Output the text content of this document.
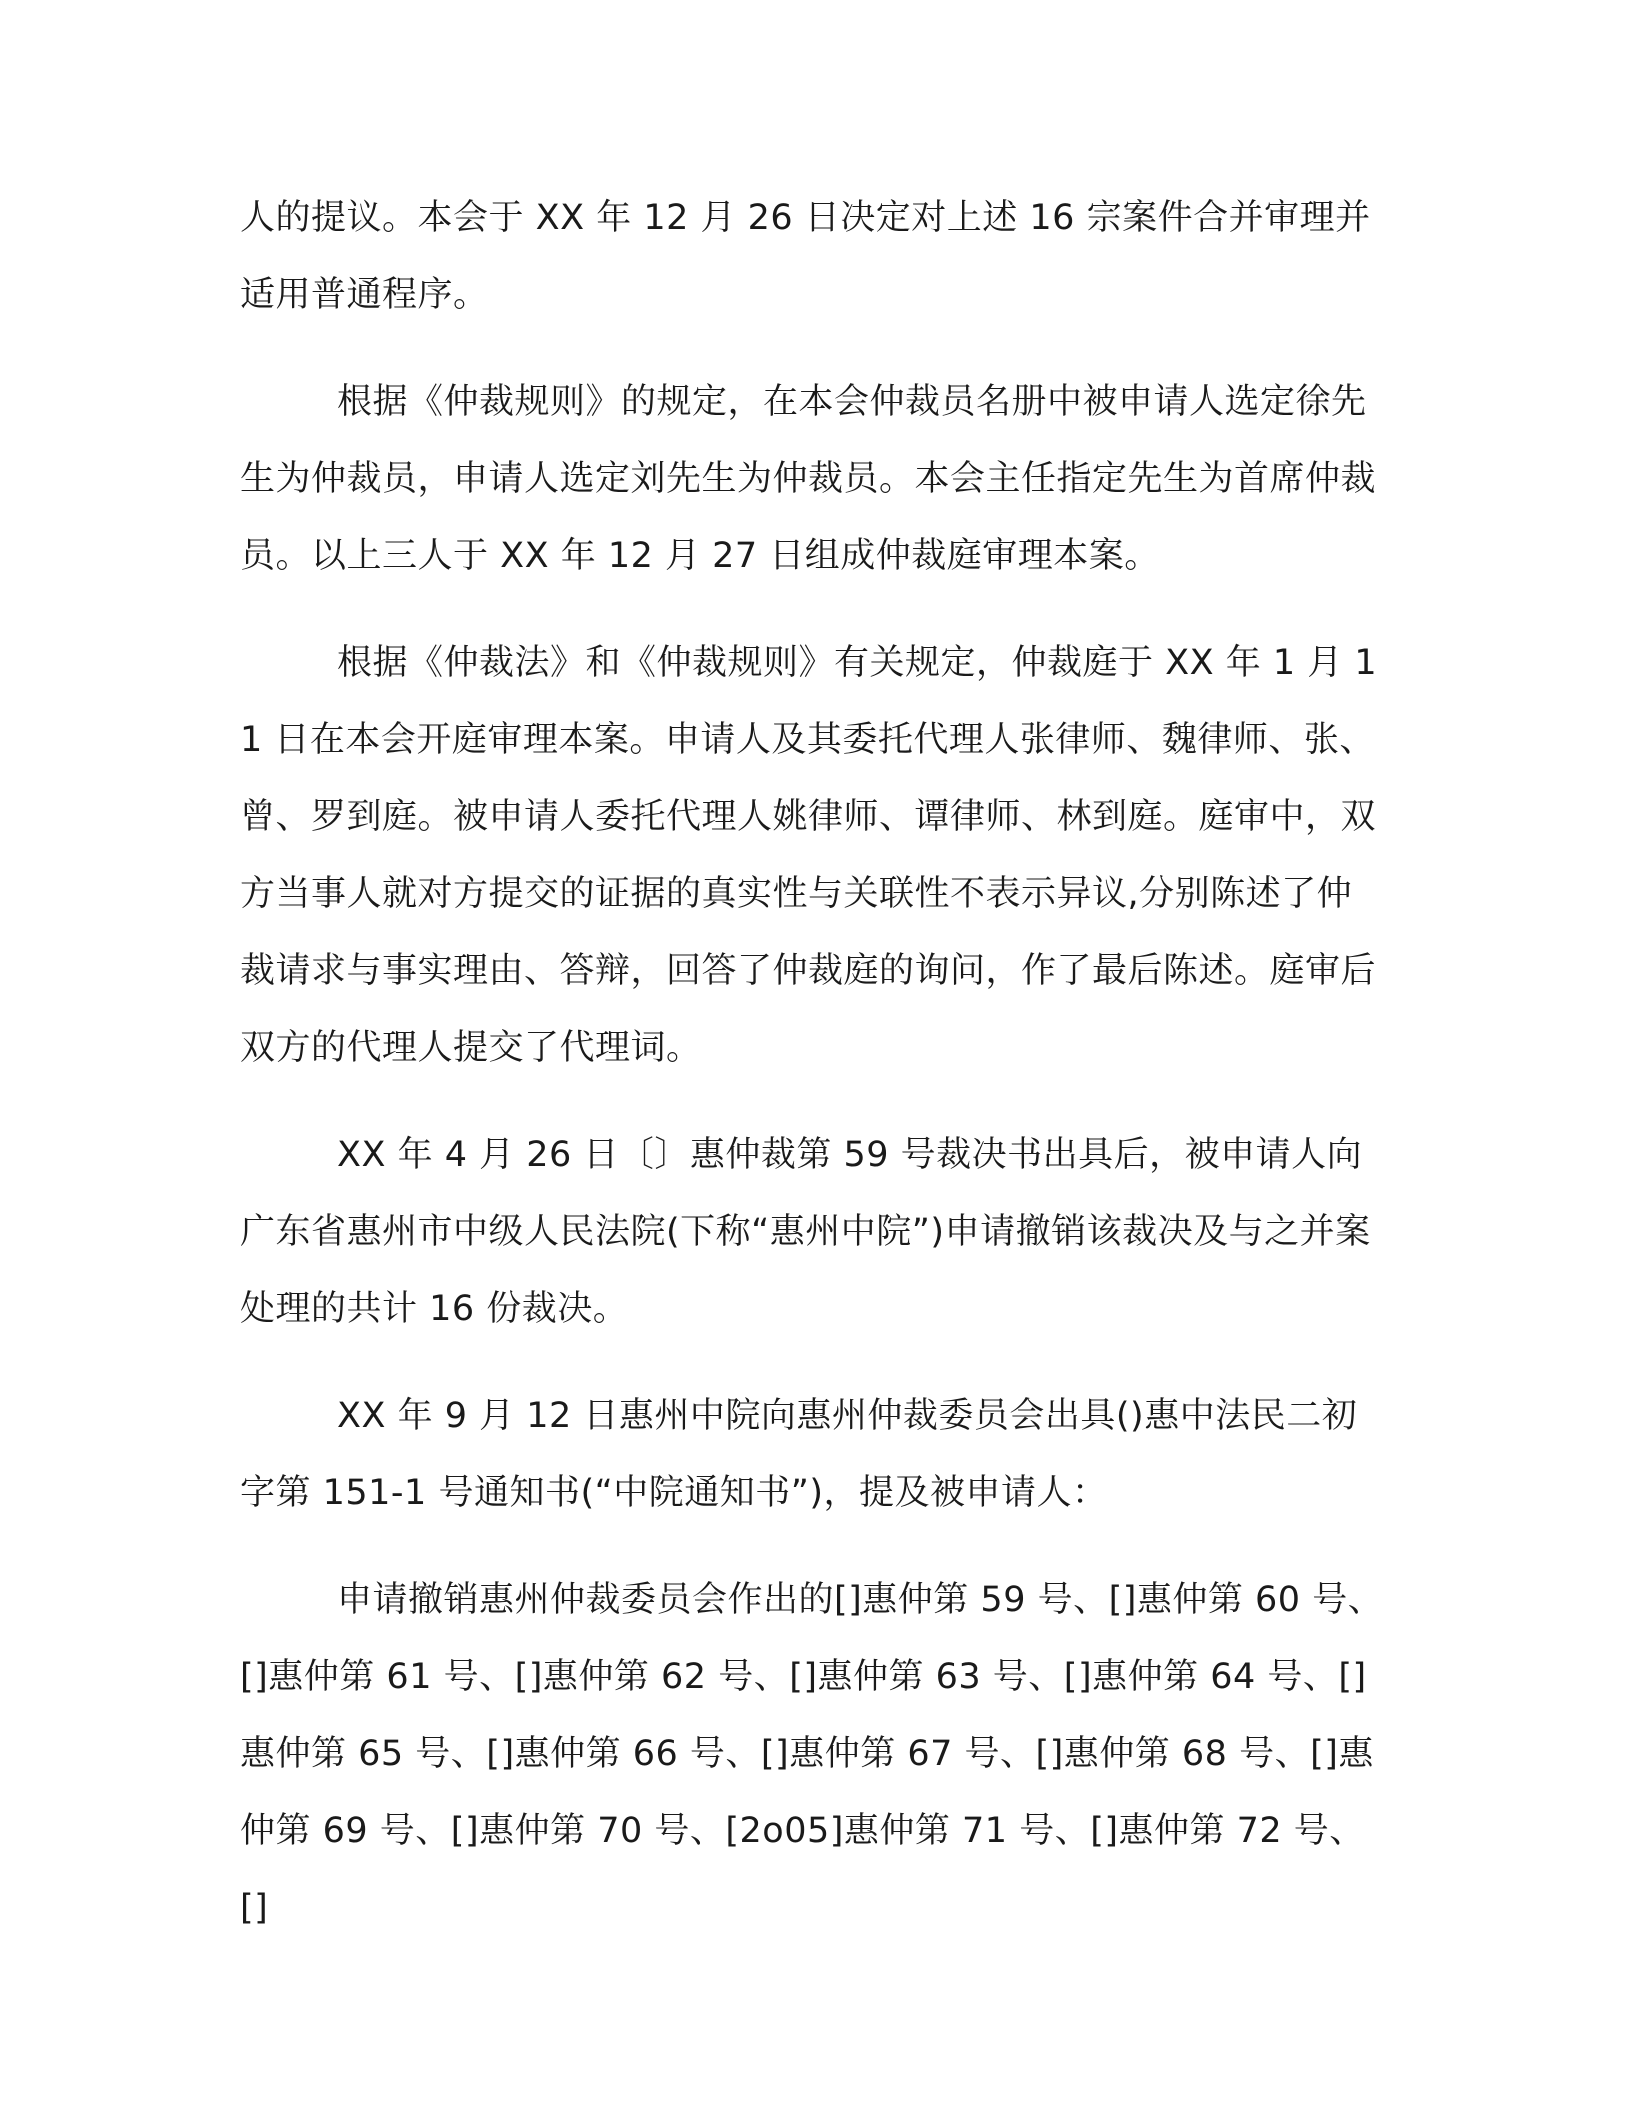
人的提议。本会于 XX 年 12 月 26 日决定对上述 16 宗案件合并审理并适用普通程序。

根据《仲裁规则》的规定，在本会仲裁员名册中被申请人选定徐先生为仲裁员，申请人选定刘先生为仲裁员。本会主任指定先生为首席仲裁员。以上三人于 XX 年 12 月 27 日组成仲裁庭审理本案。

根据《仲裁法》和《仲裁规则》有关规定，仲裁庭于 XX 年 1 月 11 日在本会开庭审理本案。申请人及其委托代理人张律师、魏律师、张、曾、罗到庭。被申请人委托代理人姚律师、谭律师、林到庭。庭审中，双方当事人就对方提交的证据的真实性与关联性不表示异议,分别陈述了仲裁请求与事实理由、答辩，回答了仲裁庭的询问，作了最后陈述。庭审后双方的代理人提交了代理词。

XX 年 4 月 26 日〔〕惠仲裁第 59 号裁决书出具后，被申请人向广东省惠州市中级人民法院(下称“惠州中院”)申请撤销该裁决及与之并案处理的共计 16 份裁决。

XX 年 9 月 12 日惠州中院向惠州仲裁委员会出具()惠中法民二初字第 151-1 号通知书(“中院通知书”)，提及被申请人：

申请撤销惠州仲裁委员会作出的[]惠仲第 59 号、[]惠仲第 60 号、[]惠仲第 61 号、[]惠仲第 62 号、[]惠仲第 63 号、[]惠仲第 64 号、[]惠仲第 65 号、[]惠仲第 66 号、[]惠仲第 67 号、[]惠仲第 68 号、[]惠仲第 69 号、[]惠仲第 70 号、[2o05]惠仲第 71 号、[]惠仲第 72 号、[]
